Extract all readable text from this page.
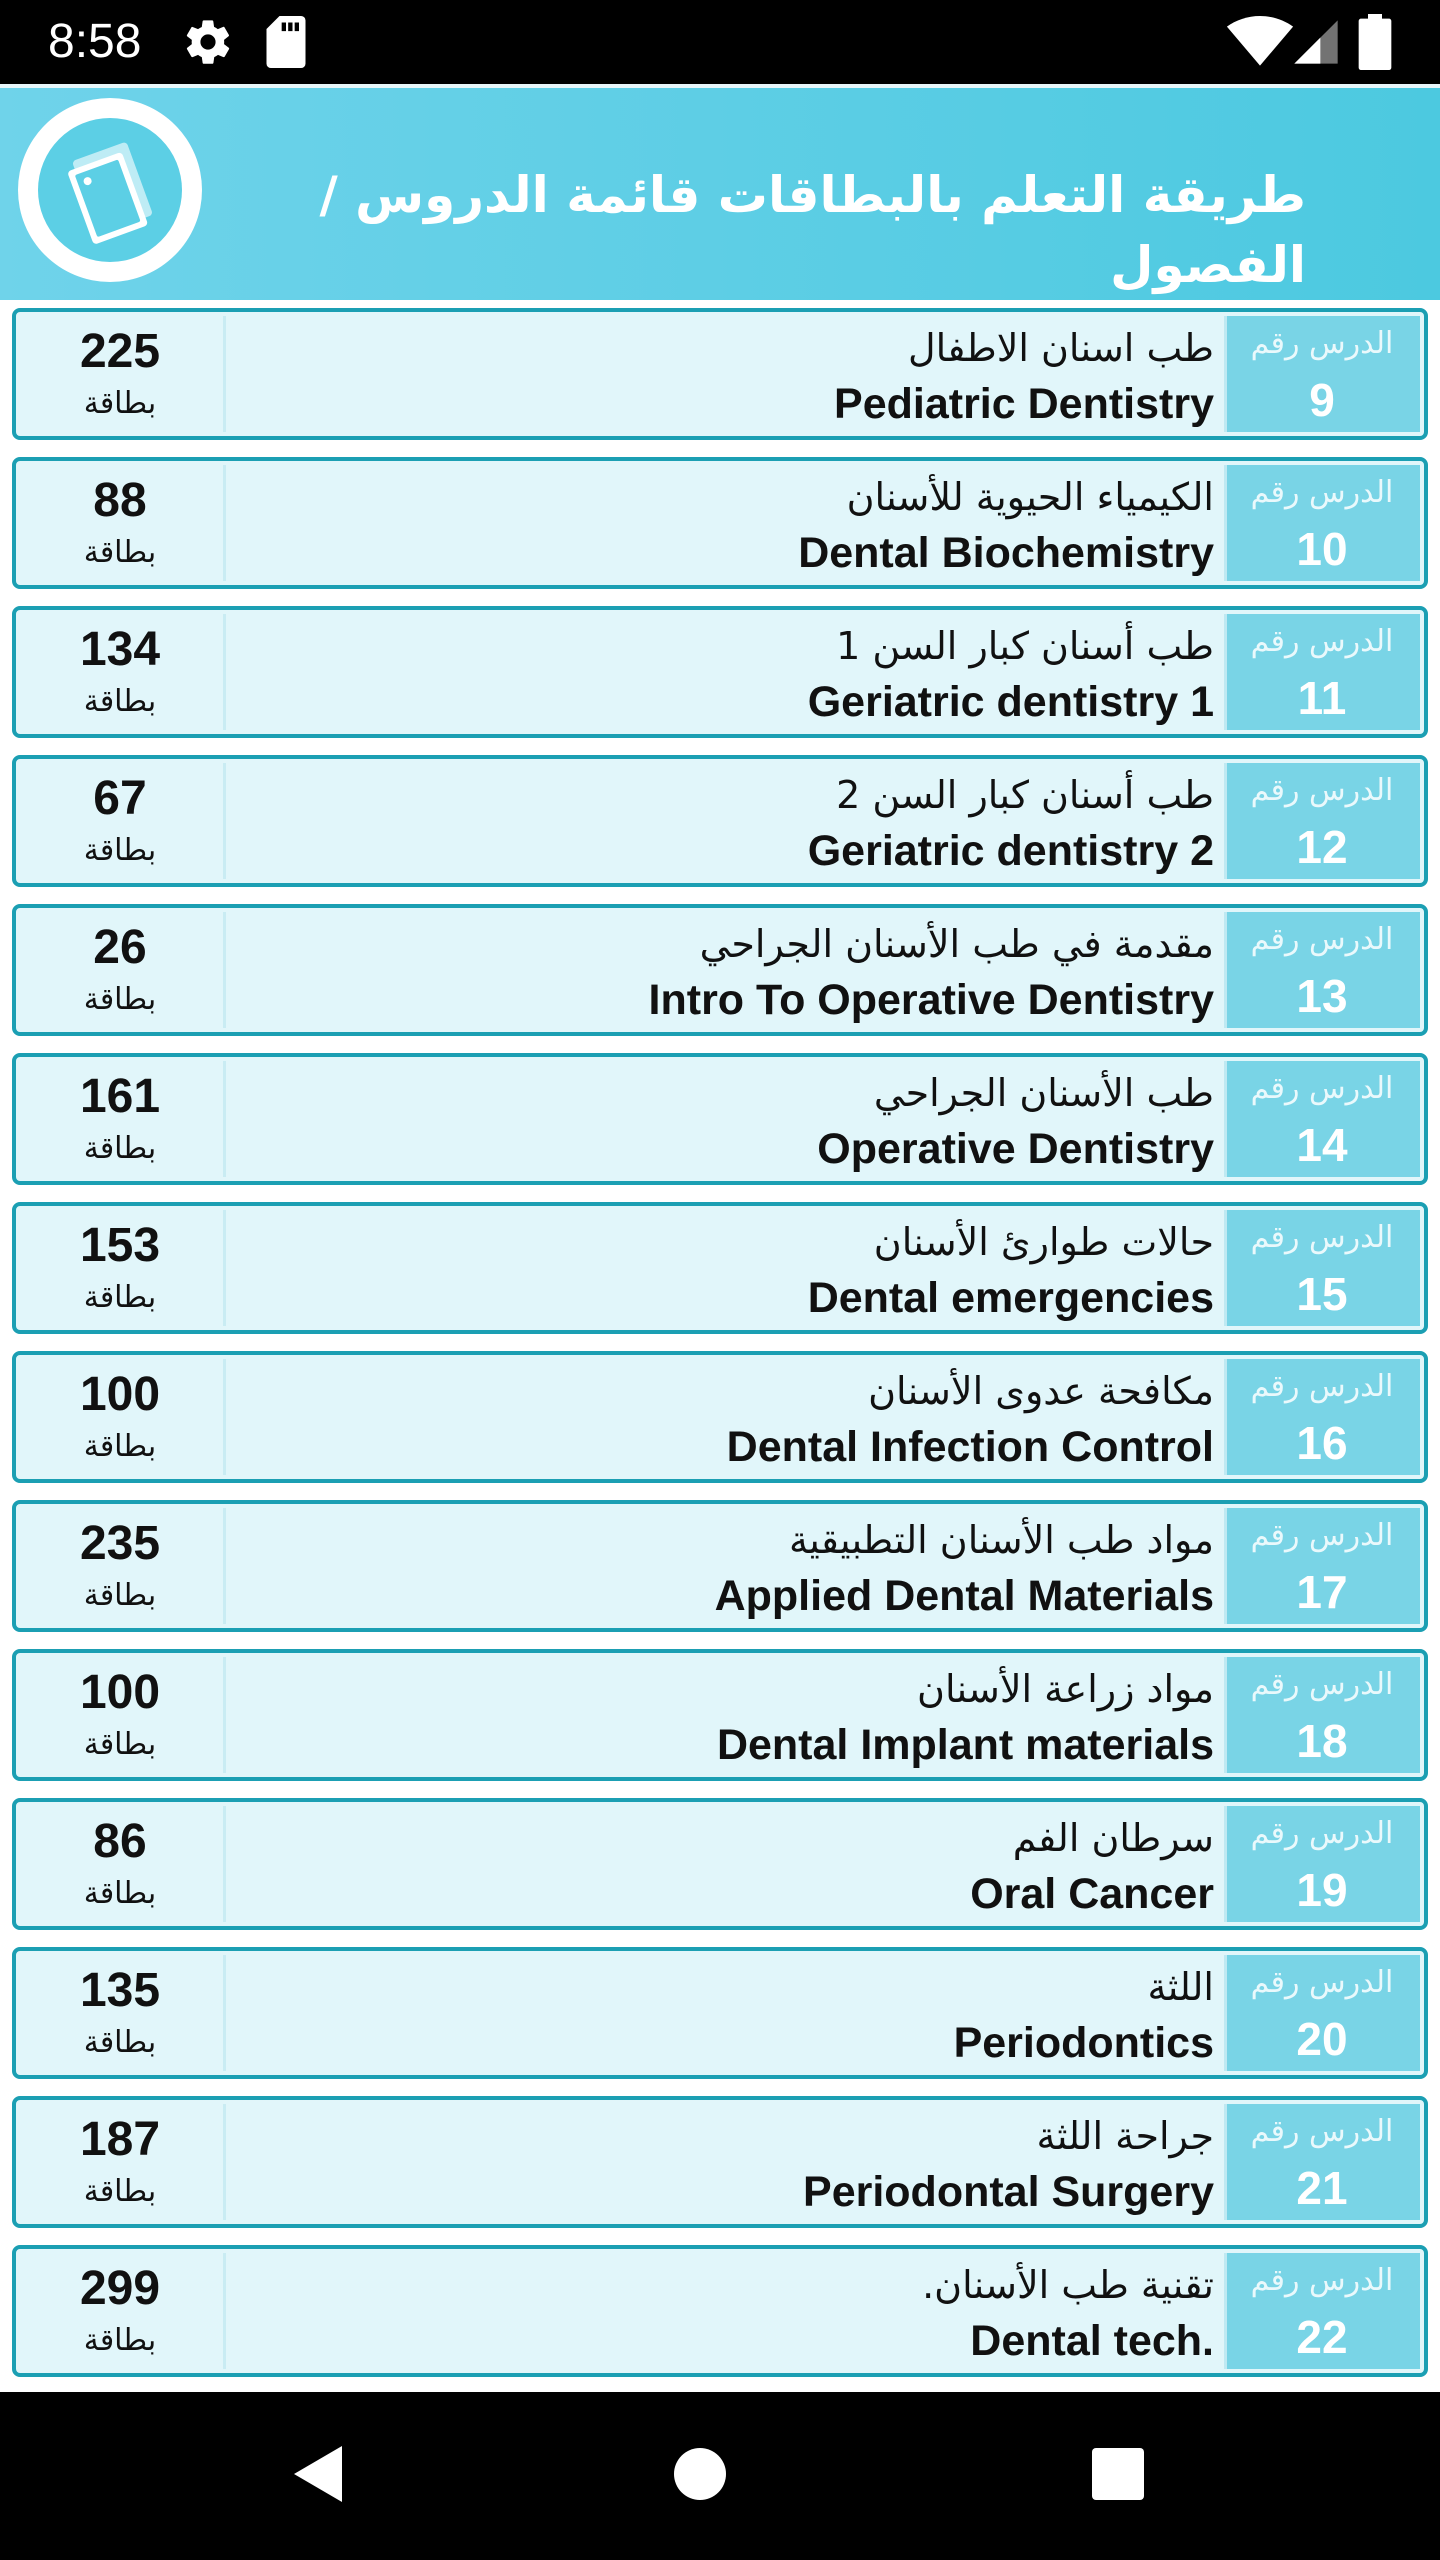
8:58
طريقة التعلم بالبطاقات قائمة الدروس /الفصول
الدرس رقم
9
طب اسنان الاطفال
Pediatric Dentistry
225
بطاقة
الدرس رقم
10
الكيمياء الحيوية للأسنان
Dental Biochemistry
88
بطاقة
الدرس رقم
11
طب أسنان كبار السن 1
Geriatric dentistry 1
134
بطاقة
الدرس رقم
12
طب أسنان كبار السن 2
Geriatric dentistry 2
67
بطاقة
الدرس رقم
13
مقدمة في طب الأسنان الجراحي
Intro To Operative Dentistry
26
بطاقة
الدرس رقم
14
طب الأسنان الجراحي
Operative Dentistry
161
بطاقة
الدرس رقم
15
حالات طوارئ الأسنان
Dental emergencies
153
بطاقة
الدرس رقم
16
مكافحة عدوى الأسنان
Dental Infection Control
100
بطاقة
الدرس رقم
17
مواد طب الأسنان التطبيقية
Applied Dental Materials
235
بطاقة
الدرس رقم
18
مواد زراعة الأسنان
Dental Implant materials
100
بطاقة
الدرس رقم
19
سرطان الفم
Oral Cancer
86
بطاقة
الدرس رقم
20
اللثة
Periodontics
135
بطاقة
الدرس رقم
21
جراحة اللثة
Periodontal Surgery
187
بطاقة
الدرس رقم
22
تقنية طب الأسنان.
Dental tech.
299
بطاقة
